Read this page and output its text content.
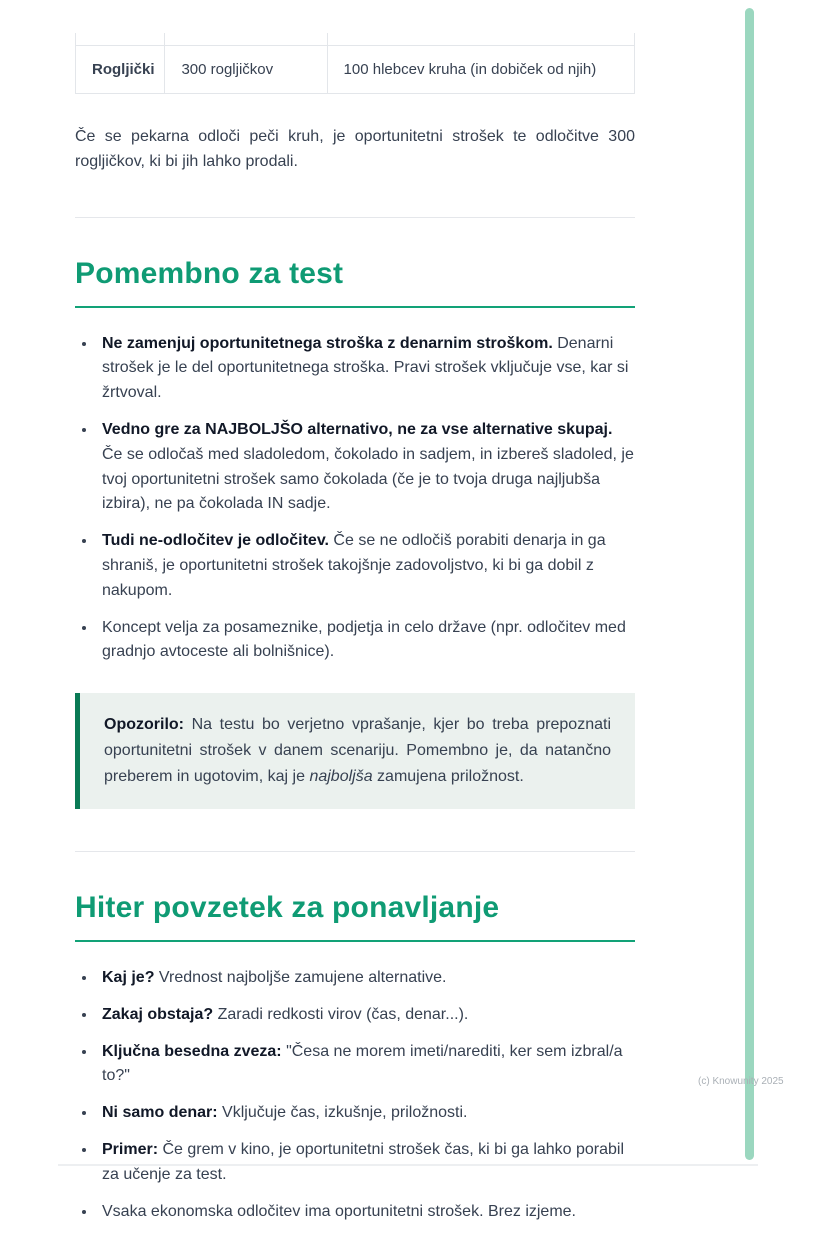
Rogljički	300 rogljičkov	100 hlebcev kruha (in dobiček od njih)

Če se pekarna odloči peči kruh, je oportunitetni strošek te odločitve 300 rogljičkov, ki bi jih lahko prodali.

Pomembno za test
• Ne zamenjuj oportunitetnega stroška z denarnim stroškom. Denarni strošek je le del oportunitetnega stroška. Pravi strošek vključuje vse, kar si žrtvoval.
• Vedno gre za NAJBOLJŠO alternativo, ne za vse alternative skupaj. Če se odločaš med sladoledom, čokolado in sadjem, in izbereš sladoled, je tvoj oportunitetni strošek samo čokolada (če je to tvoja druga najljubša izbira), ne pa čokolada IN sadje.
• Tudi ne-odločitev je odločitev. Če se ne odločiš porabiti denarja in ga shraniš, je oportunitetni strošek takojšnje zadovoljstvo, ki bi ga dobil z nakupom.
• Koncept velja za posameznike, podjetja in celo države (npr. odločitev med gradnjo avtoceste ali bolnišnice).
Opozorilo: Na testu bo verjetno vprašanje, kjer bo treba prepoznati oportunitetni strošek v danem scenariju. Pomembno je, da natančno preberem in ugotovim, kaj je najboljša zamujena priložnost.
Hiter povzetek za ponavljanje
• Kaj je? Vrednost najboljše zamujene alternative.
• Zakaj obstaja? Zaradi redkosti virov (čas, denar...).
• Ključna besedna zveza: "Česa ne morem imeti/narediti, ker sem izbral/a to?"
• Ni samo denar: Vključuje čas, izkušnje, priložnosti.
• Primer: Če grem v kino, je oportunitetni strošek čas, ki bi ga lahko porabil za učenje za test.
• Vsaka ekonomska odločitev ima oportunitetni strošek. Brez izjeme.
(c) Knowunity 2025
